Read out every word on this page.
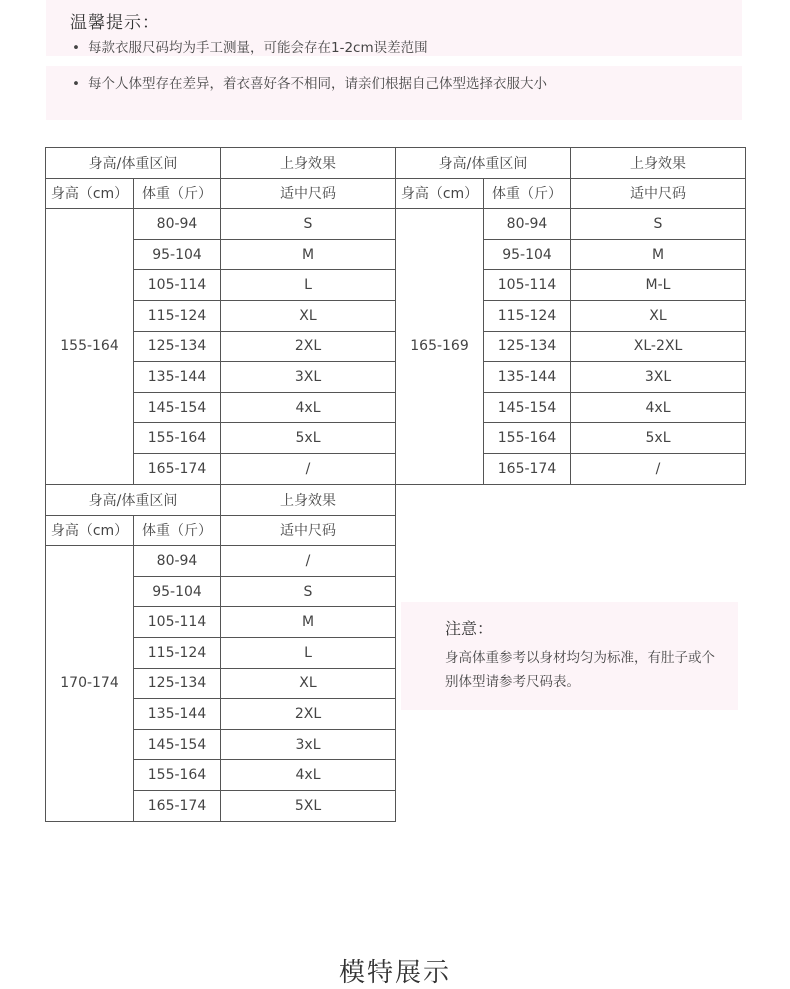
温馨提示：
• 每款衣服尺码均为手工测量，可能会存在1-2cm误差范围
• 每个人体型存在差异，着衣喜好各不相同，请亲们根据自己体型选择衣服大小
身高/体重区间		上身效果
身高（cm）	体重（斤）	适中尺码
155-164	80-94	S
	95-104	M
	105-114	L
	115-124	XL
	125-134	2XL
	135-144	3XL
	145-154	4xL
	155-164	5xL
	165-174	/
身高/体重区间		上身效果
身高（cm）	体重（斤）	适中尺码
165-169	80-94	S
	95-104	M
	105-114	M-L
	115-124	XL
	125-134	XL-2XL
	135-144	3XL
	145-154	4xL
	155-164	5xL
	165-174	/
身高/体重区间		上身效果
身高（cm）	体重（斤）	适中尺码
170-174	80-94	/
	95-104	S
	105-114	M
	115-124	L
	125-134	XL
	135-144	2XL
	145-154	3xL
	155-164	4xL
	165-174	5XL
注意：
身高体重参考以身材均匀为标准，有肚子或个别体型请参考尺码表。
模特展示
